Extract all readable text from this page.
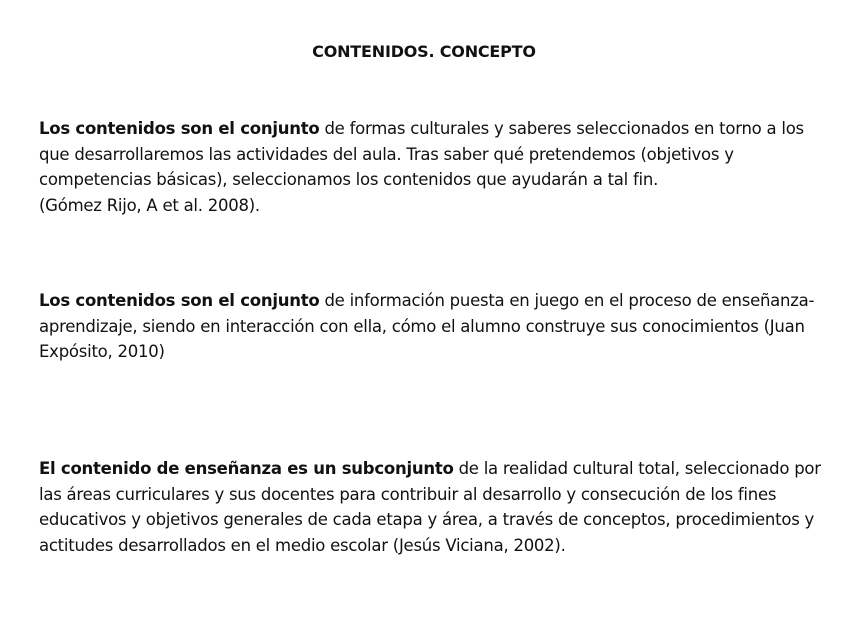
CONTENIDOS. CONCEPTO

Los contenidos son el conjunto de formas culturales y saberes seleccionados en torno a los que desarrollaremos las actividades del aula. Tras saber qué pretendemos (objetivos y competencias básicas), seleccionamos los contenidos que ayudarán a tal fin.
(Gómez Rijo, A et al. 2008).

Los contenidos son el conjunto de información puesta en juego en el proceso de enseñanza-aprendizaje, siendo en interacción con ella, cómo el alumno construye sus conocimientos (Juan Expósito, 2010)

El contenido de enseñanza es un subconjunto de la realidad cultural total, seleccionado por las áreas curriculares y sus docentes para contribuir al desarrollo y consecución de los fines educativos y objetivos generales de cada etapa y área, a través de conceptos, procedimientos y actitudes desarrollados en el medio escolar (Jesús Viciana, 2002).
